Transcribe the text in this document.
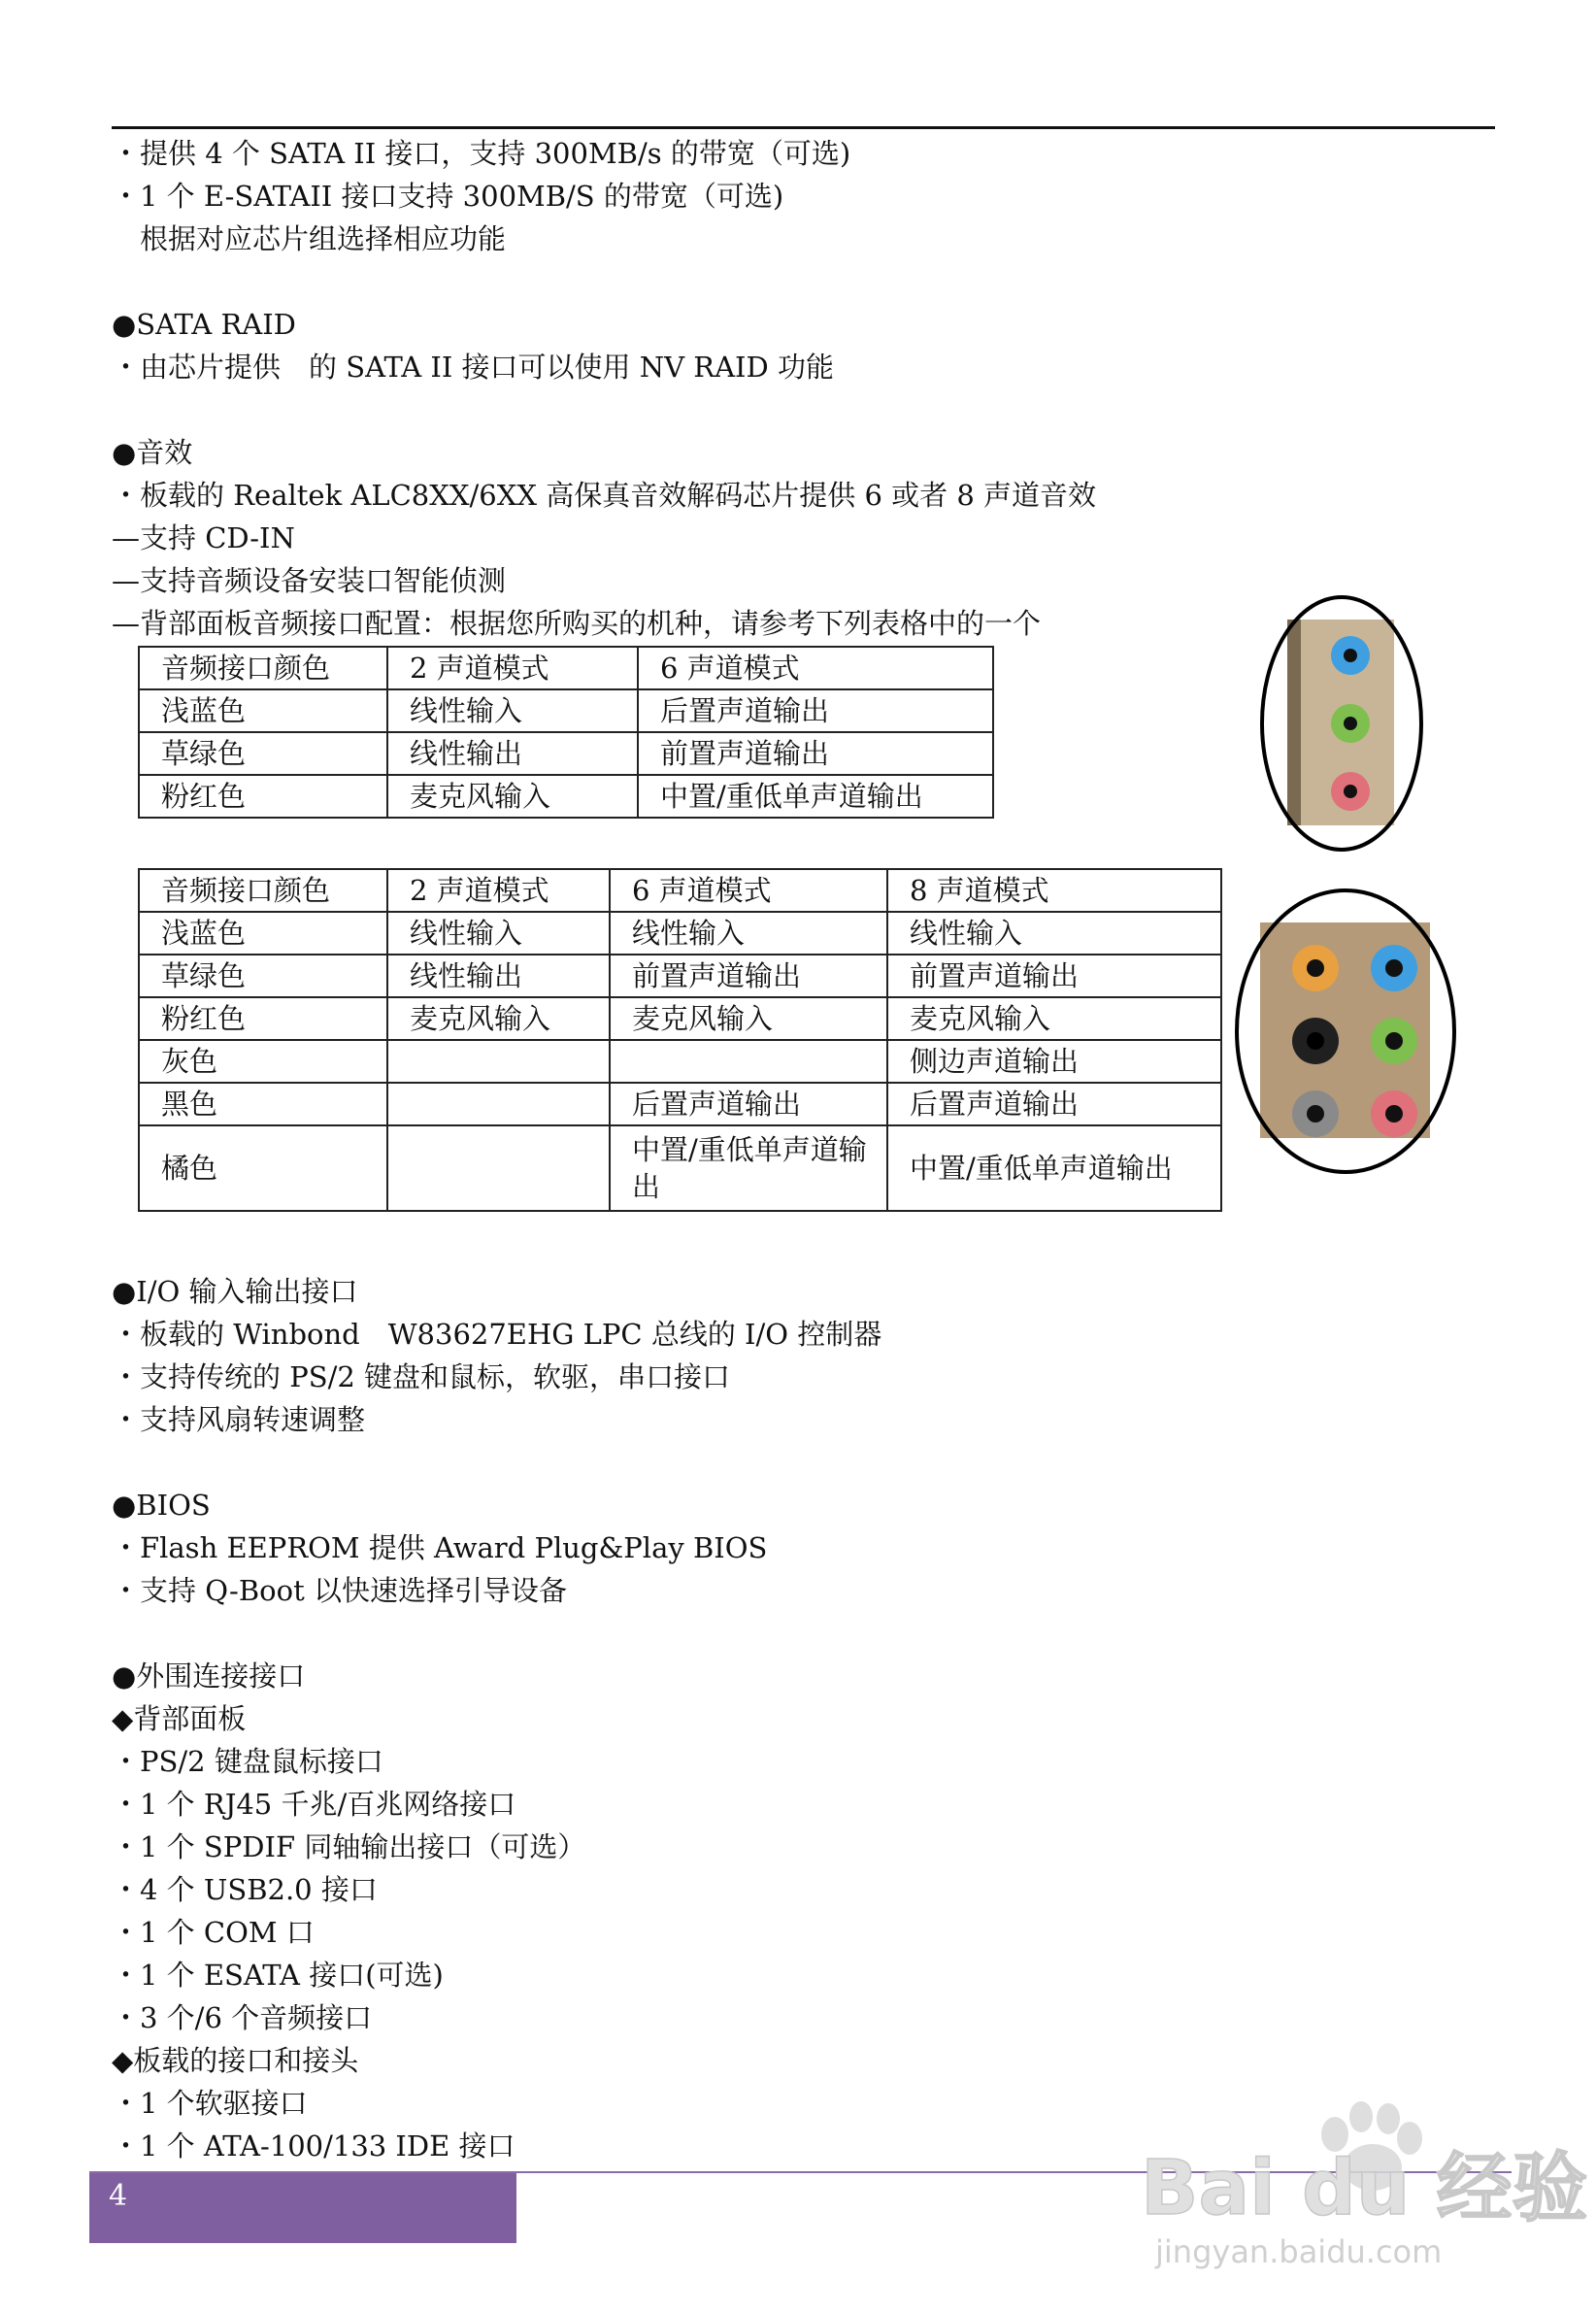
・提供 4 个 SATA II 接口，支持 300MB/s 的带宽（可选)
・1 个 E-SATAII 接口支持 300MB/S 的带宽（可选)
　根据对应芯片组选择相应功能
●SATA RAID
・由芯片提供　的 SATA II 接口可以使用 NV RAID 功能
●音效
・板载的 Realtek ALC8XX/6XX 高保真音效解码芯片提供 6 或者 8 声道音效
—支持 CD-IN
—支持音频设备安装口智能侦测
—背部面板音频接口配置：根据您所购买的机种，请参考下列表格中的一个
音频接口颜色	2 声道模式	6 声道模式
浅蓝色	线性输入	后置声道输出
草绿色	线性输出	前置声道输出
粉红色	麦克风输入	中置/重低单声道输出
音频接口颜色	2 声道模式	6 声道模式	8 声道模式
浅蓝色	线性输入	线性输入	线性输入
草绿色	线性输出	前置声道输出	前置声道输出
粉红色	麦克风输入	麦克风输入	麦克风输入
灰色			侧边声道输出
黑色		后置声道输出	后置声道输出
橘色		中置/重低单声道输出	中置/重低单声道输出
●I/O 输入输出接口
・板载的 Winbond　W83627EHG LPC 总线的 I/O 控制器
・支持传统的 PS/2 键盘和鼠标，软驱，串口接口
・支持风扇转速调整
●BIOS
・Flash EEPROM 提供 Award Plug&Play BIOS
・支持 Q-Boot 以快速选择引导设备
●外围连接接口
◆背部面板
・PS/2 键盘鼠标接口
・1 个 RJ45 千兆/百兆网络接口
・1 个 SPDIF 同轴输出接口（可选）
・4 个 USB2.0 接口
・1 个 COM 口
・1 个 ESATA 接口(可选)
・3 个/6 个音频接口
◆板载的接口和接头
・1 个软驱接口
・1 个 ATA-100/133 IDE 接口
4	Bai du 经验
jingyan.baidu.com
